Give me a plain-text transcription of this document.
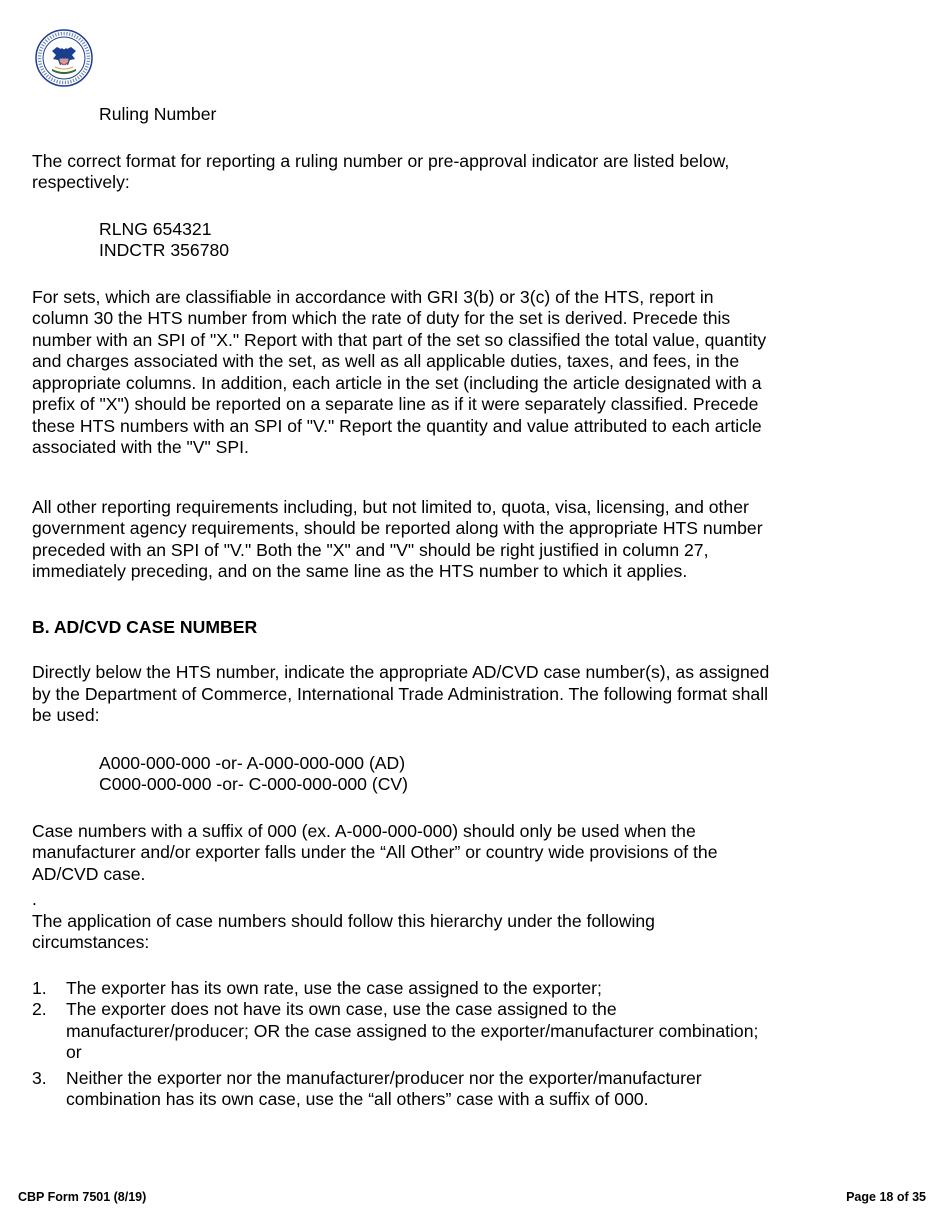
Ruling Number

The correct format for reporting a ruling number or pre-approval indicator are listed below, respectively:

RLNG 654321

INDCTR 356780

For sets, which are classifiable in accordance with GRI 3(b) or 3(c) of the HTS, report in column 30 the HTS number from which the rate of duty for the set is derived. Precede this number with an SPI of "X." Report with that part of the set so classified the total value, quantity and charges associated with the set, as well as all applicable duties, taxes, and fees, in the appropriate columns. In addition, each article in the set (including the article designated with a prefix of "X") should be reported on a separate line as if it were separately classified. Precede these HTS numbers with an SPI of "V." Report the quantity and value attributed to each article associated with the "V" SPI.

All other reporting requirements including, but not limited to, quota, visa, licensing, and other government agency requirements, should be reported along with the appropriate HTS number preceded with an SPI of "V." Both the "X" and "V" should be right justified in column 27, immediately preceding, and on the same line as the HTS number to which it applies.

B. AD/CVD CASE NUMBER

Directly below the HTS number, indicate the appropriate AD/CVD case number(s), as assigned by the Department of Commerce, International Trade Administration. The following format shall be used:

A000-000-000 -or- A-000-000-000 (AD)

C000-000-000 -or- C-000-000-000 (CV)

Case numbers with a suffix of 000 (ex. A-000-000-000) should only be used when the manufacturer and/or exporter falls under the “All Other” or country wide provisions of the AD/CVD case.

.

The application of case numbers should follow this hierarchy under the following circumstances:

1. The exporter has its own rate, use the case assigned to the exporter;
2. The exporter does not have its own case, use the case assigned to the manufacturer/producer; OR the case assigned to the exporter/manufacturer combination; or
3. Neither the exporter nor the manufacturer/producer nor the exporter/manufacturer combination has its own case, use the “all others” case with a suffix of 000.
CBP Form 7501 (8/19)	Page 18 of 35
